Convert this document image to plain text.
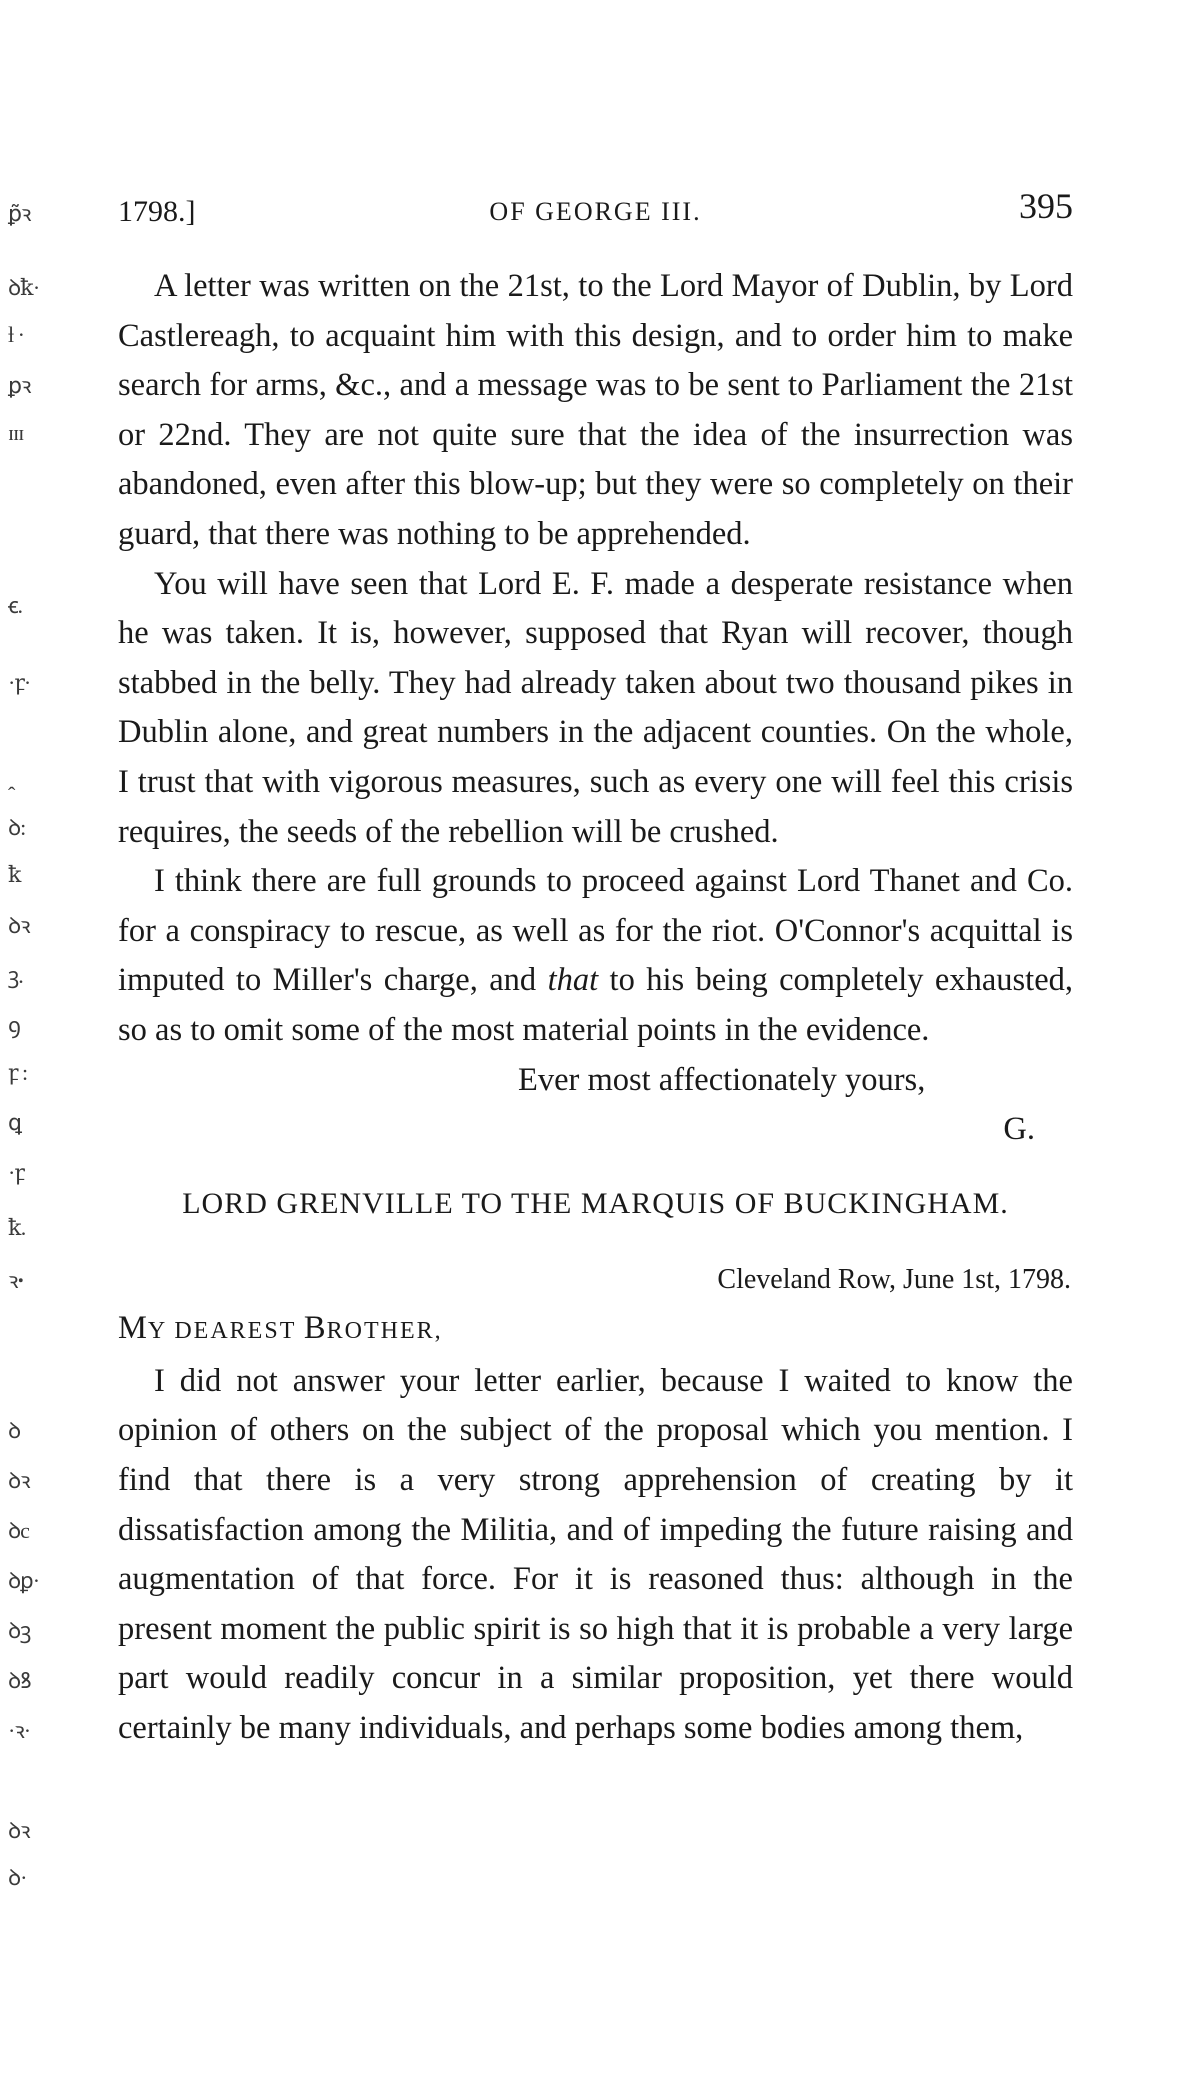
ꝑ̃ꝛ
ꝺꝁ·
ƚ ·
ꝑꝛ
ɪɪɪ
ꞓ.
·ꝼ·
ꞈ
ꝺ:
ꝁ
ꝺꝛ
ꝫ.
ꝯ
ꝼ :
ꝗ
·ꝼ
ꝁ.
ꝛꞏ
ꝺ
ꝺꝛ
ꝺc
ꝺꝑ·
ꝺꝫ
ꝺꝸ
·ꝛ·
ꝺꝛ
ꝺ·
1798.]	OF GEORGE III.	395

A letter was written on the 21st, to the Lord Mayor of Dublin, by Lord Castlereagh, to acquaint him with this design, and to order him to make search for arms, &c., and a message was to be sent to Parliament the 21st or 22nd. They are not quite sure that the idea of the insurrection was abandoned, even after this blow-up; but they were so completely on their guard, that there was nothing to be apprehended.

You will have seen that Lord E. F. made a desperate resistance when he was taken. It is, however, supposed that Ryan will recover, though stabbed in the belly. They had already taken about two thousand pikes in Dublin alone, and great numbers in the adjacent counties. On the whole, I trust that with vigorous measures, such as every one will feel this crisis requires, the seeds of the rebellion will be crushed.

I think there are full grounds to proceed against Lord Thanet and Co. for a conspiracy to rescue, as well as for the riot. O'Connor's acquittal is imputed to Miller's charge, and that to his being completely exhausted, so as to omit some of the most material points in the evidence.

Ever most affectionately yours,

G.

LORD GRENVILLE TO THE MARQUIS OF BUCKINGHAM.

Cleveland Row, June 1st, 1798.

MY DEAREST BROTHER,

I did not answer your letter earlier, because I waited to know the opinion of others on the subject of the proposal which you mention. I find that there is a very strong apprehension of creating by it dissatisfaction among the Militia, and of impeding the future raising and augmentation of that force. For it is reasoned thus: although in the present moment the public spirit is so high that it is probable a very large part would readily concur in a similar proposition, yet there would certainly be many individuals, and perhaps some bodies among them,
